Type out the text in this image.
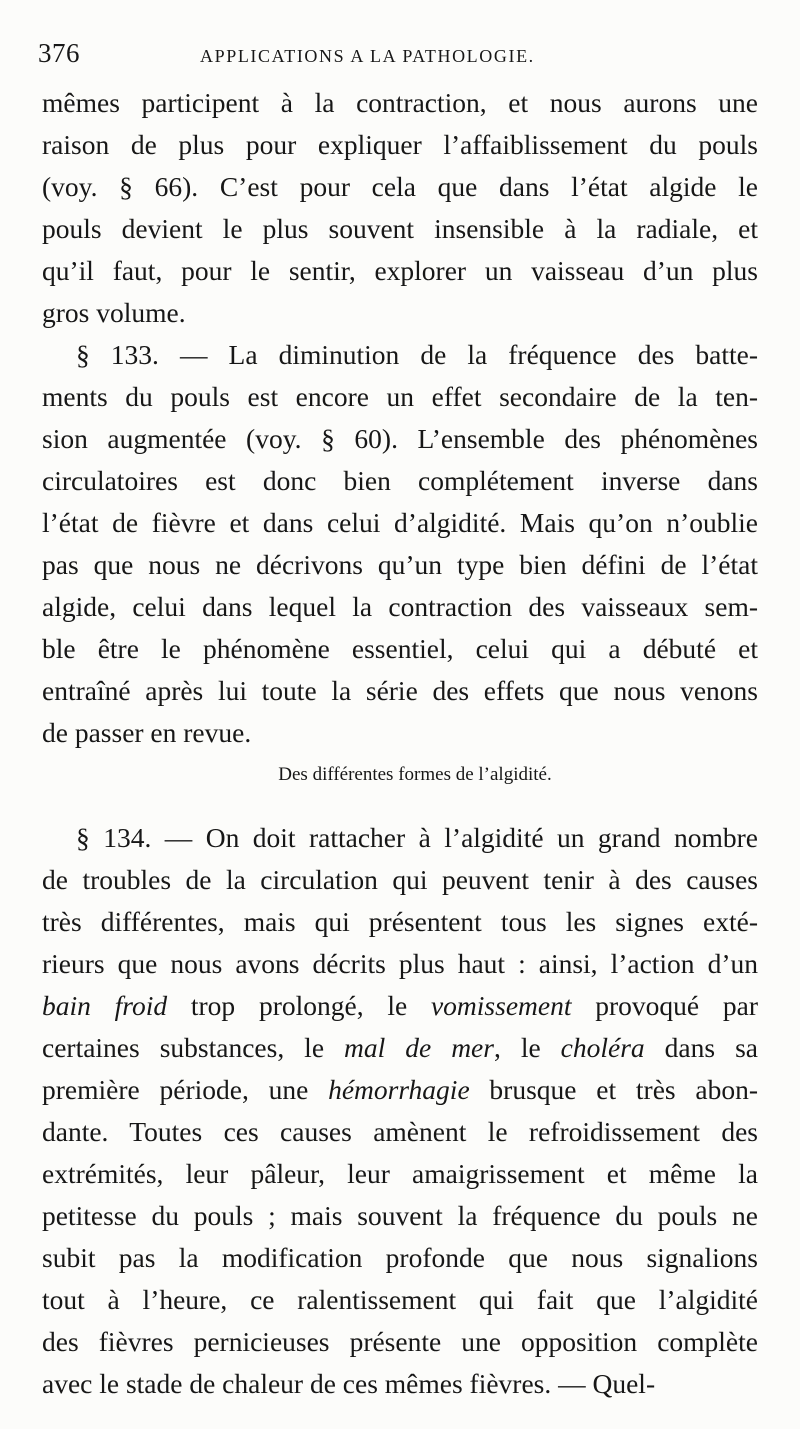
376	APPLICATIONS A LA PATHOLOGIE.
mêmes participent à la contraction, et nous aurons une
raison de plus pour expliquer l’affaiblissement du pouls
(voy. § 66). C’est pour cela que dans l’état algide le
pouls devient le plus souvent insensible à la radiale, et
qu’il faut, pour le sentir, explorer un vaisseau d’un plus
gros volume.
§ 133. — La diminution de la fréquence des batte-
ments du pouls est encore un effet secondaire de la ten-
sion augmentée (voy. § 60). L’ensemble des phénomènes
circulatoires est donc bien complétement inverse dans
l’état de fièvre et dans celui d’algidité. Mais qu’on n’oublie
pas que nous ne décrivons qu’un type bien défini de l’état
algide, celui dans lequel la contraction des vaisseaux sem-
ble être le phénomène essentiel, celui qui a débuté et
entraîné après lui toute la série des effets que nous venons
de passer en revue.
Des différentes formes de l’algidité.
§ 134. — On doit rattacher à l’algidité un grand nombre
de troubles de la circulation qui peuvent tenir à des causes
très différentes, mais qui présentent tous les signes exté-
rieurs que nous avons décrits plus haut : ainsi, l’action d’un
bain froid trop prolongé, le vomissement provoqué par
certaines substances, le mal de mer, le choléra dans sa
première période, une hémorrhagie brusque et très abon-
dante. Toutes ces causes amènent le refroidissement des
extrémités, leur pâleur, leur amaigrissement et même la
petitesse du pouls ; mais souvent la fréquence du pouls ne
subit pas la modification profonde que nous signalions
tout à l’heure, ce ralentissement qui fait que l’algidité
des fièvres pernicieuses présente une opposition complète
avec le stade de chaleur de ces mêmes fièvres. — Quel-
